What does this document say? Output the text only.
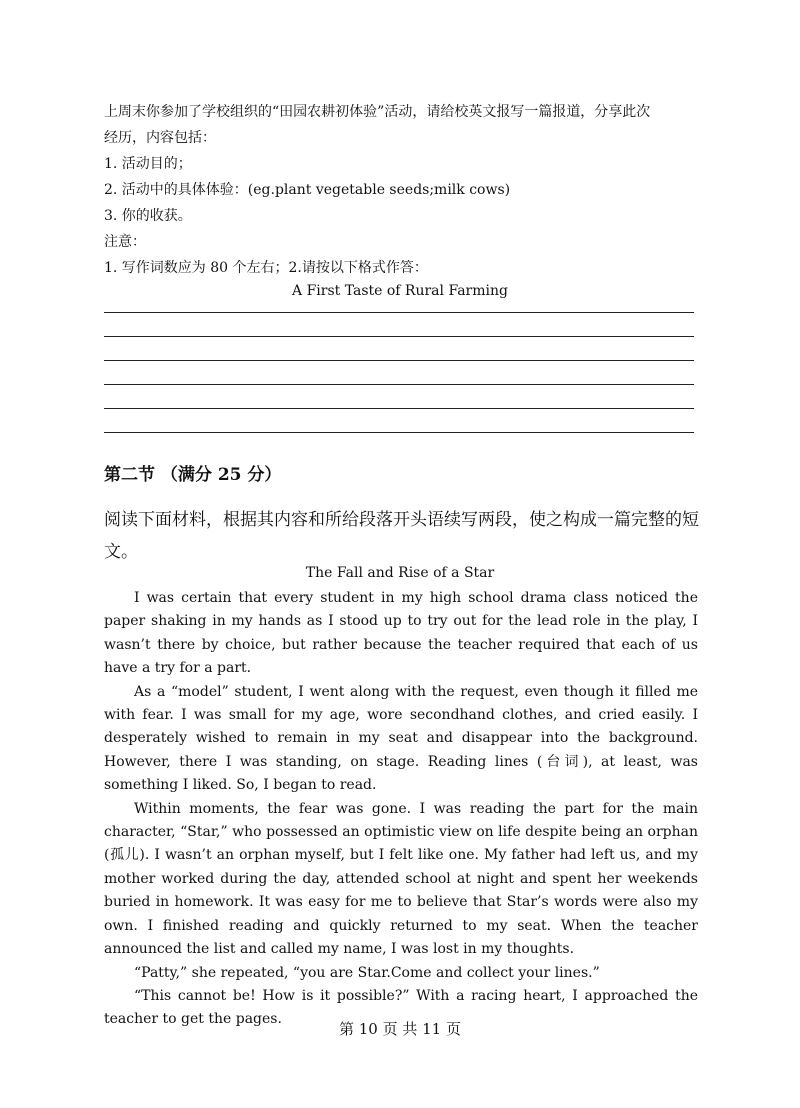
上周末你参加了学校组织的“田园农耕初体验”活动，请给校英文报写一篇报道，分享此次

经历，内容包括：

1. 活动目的；

2. 活动中的具体体验：(eg.plant vegetable seeds;milk cows)

3. 你的收获。

注意：

1. 写作词数应为 80 个左右；2.请按以下格式作答：

A First Taste of Rural Farming

第二节 （满分 25 分）

阅读下面材料，根据其内容和所给段落开头语续写两段，使之构成一篇完整的短文。

The Fall and Rise of a Star

I was certain that every student in my high school drama class noticed the paper shaking in my hands as I stood up to try out for the lead role in the play, I wasn’t there by choice, but rather because the teacher required that each of us have a try for a part.

As a “model” student, I went along with the request, even though it filled me with fear. I was small for my age, wore secondhand clothes, and cried easily. I desperately wished to remain in my seat and disappear into the background. However, there I was standing, on stage. Reading lines (台词), at least, was something I liked. So, I began to read.

Within moments, the fear was gone. I was reading the part for the main character, “Star,” who possessed an optimistic view on life despite being an orphan (孤儿). I wasn’t an orphan myself, but I felt like one. My father had left us, and my mother worked during the day, attended school at night and spent her weekends buried in homework. It was easy for me to believe that Star’s words were also my own. I finished reading and quickly returned to my seat. When the teacher announced the list and called my name, I was lost in my thoughts.

“Patty,” she repeated, “you are Star.Come and collect your lines.”

“This cannot be! How is it possible?” With a racing heart, I approached the teacher to get the pages.

第 10 页 共 11 页
